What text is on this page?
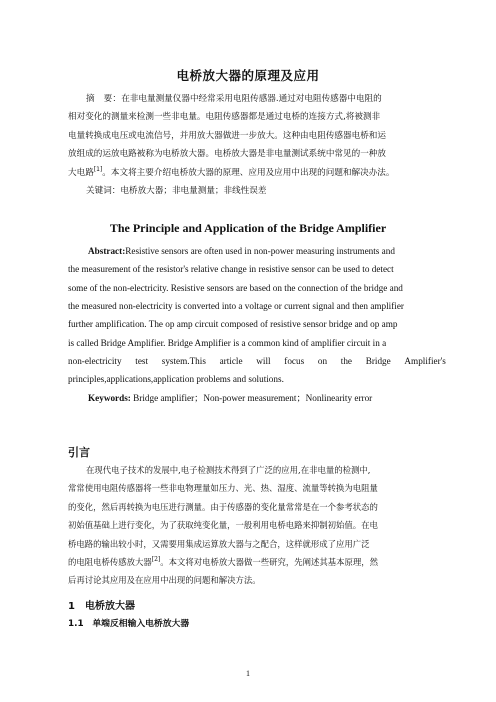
电桥放大器的原理及应用
摘　要：在非电量测量仪器中经常采用电阻传感器.通过对电阻传感器中电阻的
相对变化的测量来检测一些非电量。电阻传感器都是通过电桥的连接方式,将被测非
电量转换成电压或电流信号，并用放大器做进一步放大。这种由电阻传感器电桥和运
放组成的运放电路被称为电桥放大器。电桥放大器是非电量测试系统中常见的一种放
大电路[1]。本文将主要介绍电桥放大器的原理、应用及应用中出现的问题和解决办法。
关键词：电桥放大器；非电量测量；非线性误差
The Principle and Application of the Bridge Amplifier
Abstract:Resistive sensors are often used in non-power measuring instruments and
the measurement of the resistor's relative change in resistive sensor can be used to detect
some of the non-electricity. Resistive sensors are based on the connection of the bridge and
the measured non-electricity is converted into a voltage or current signal and then amplifier
further amplification. The op amp circuit composed of resistive sensor bridge and op amp
is called Bridge Amplifier. Bridge Amplifier is a common kind of amplifier circuit in a
non-electricity test system.This article will focus on the Bridge Amplifier's
principles,applications,application problems and solutions.
Keywords: Bridge amplifier；Non-power measurement；Nonlinearity error
引言
在现代电子技术的发展中,电子检测技术得到了广泛的应用,在非电量的检测中,
常常使用电阻传感器将一些非电物理量如压力、光、热、湿度、流量等转换为电阻量
的变化，然后再转换为电压进行测量。由于传感器的变化量常常是在一个参考状态的
初始值基础上进行变化，为了获取纯变化量，一般利用电桥电路来抑制初始值。在电
桥电路的输出较小时，又需要用集成运算放大器与之配合，这样就形成了应用广泛
的电阻电桥传感放大器[2]。本文将对电桥放大器做一些研究，先阐述其基本原理，然
后再讨论其应用及在应用中出现的问题和解决方法。
1　电桥放大器
1.1　单端反相输入电桥放大器
1
